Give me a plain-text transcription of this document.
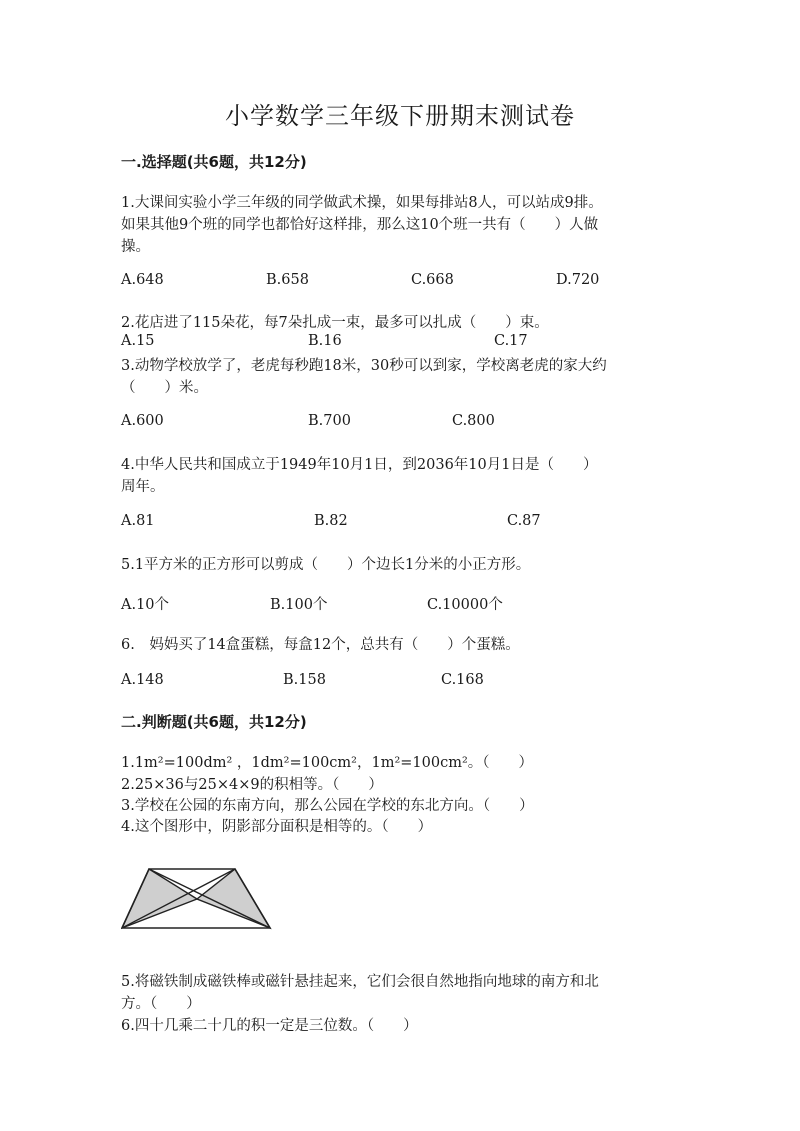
小学数学三年级下册期末测试卷
一.选择题(共6题，共12分)
1.大课间实验小学三年级的同学做武术操，如果每排站8人，可以站成9排。
如果其他9个班的同学也都恰好这样排，那么这10个班一共有（　　）人做
操。
A.648	B.658	C.668	D.720
2.花店进了115朵花，每7朵扎成一束，最多可以扎成（　　）束。
A.15	B.16	C.17
3.动物学校放学了，老虎每秒跑18米，30秒可以到家，学校离老虎的家大约
（　　）米。
A.600	B.700	C.800
4.中华人民共和国成立于1949年10月1日，到2036年10月1日是（　　）
周年。
A.81	B.82	C.87
5.1平方米的正方形可以剪成（　　）个边长1分米的小正方形。
A.10个	B.100个	C.10000个
6.　妈妈买了14盒蛋糕，每盒12个，总共有（　　）个蛋糕。
A.148	B.158	C.168
二.判断题(共6题，共12分)
1.1m²=100dm² ，1dm²=100cm²，1m²=100cm²。（　　）
2.25×36与25×4×9的积相等。（　　）
3.学校在公园的东南方向，那么公园在学校的东北方向。（　　）
4.这个图形中，阴影部分面积是相等的。（　　）
5.将磁铁制成磁铁棒或磁针悬挂起来，它们会很自然地指向地球的南方和北
方。（　　）
6.四十几乘二十几的积一定是三位数。（　　）
